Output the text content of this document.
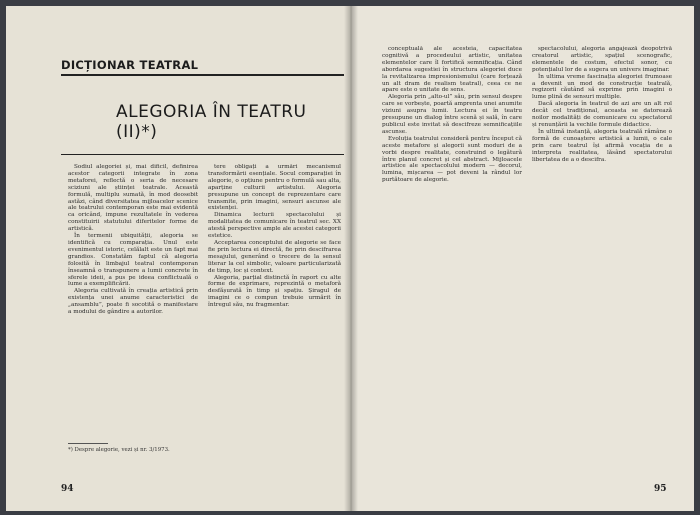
DICȚIONAR TEATRAL
ALEGORIA ÎN TEATRU (II)*)

Sodiul alegoriei și, mai dificil, definirea acestor categorii integrate în zona metaforei, reflectă o seria de necesare sciziuni ale științei teatrale. Această formulă, multiplu sumată, în mod deosebit astăzi, când diversitatea mijloacelor scenice ale teatrului contemporan este mai evidentă ca oricând, impune rezultatele în vederea constituirii statutului diferitelor forme de artistică.

În termenii ubiquității, alegoria se identifică cu comparația. Unul este evenimentul istoric, celălalt este un fapt mai grandios. Constatăm faptul că alegoria folosită în limbajul teatral contemporan înseamnă o transpunere a lumii concrete în sferele ideii, a pus pe ideea conflictuală o lume a exemplificării.

Alegoria cultivată în creația artistică prin existența unei anume caracteristici de „ansamblu”, poate fi socotită o manifestare a modului de gândire a autorilor.

tere obligați a urmări mecanismul transformării esențiale. Socul comparației în alegorie, o opțiune pentru o formulă sau alta, aparține culturii artistului. Alegoria presupune un concept de reprezentare care transmite, prin imagini, sensuri ascunse ale existenței.

Dinamica lecturii spectacolului și modalitatea de comunicare în teatrul sec. XX atestă perspective ample ale acestei categorii estetice.

Acceptarea conceptului de alegorie se face fie prin lectura ei directă, fie prin descifrarea mesajului, generând o trecere de la sensul literar la cel simbolic, valoare particularizată de timp, loc și context.

Alegoria, parțial distinctă în raport cu alte forme de exprimare, reprezintă o metaforă desfășurată în timp și spațiu. Șiragul de imagini ce o compun trebuie urmărit în întregul său, nu fragmentar.

*) Despre alegorie, vezi și nr. 3/1973.
94

conceptuală ale acesteia, capacitatea cognitivă a procedeului artistic, unitatea elementelor care îl fortifică semnificația. Când abordarea sugestiei în structura alegoriei duce la revitalizarea impresionismului (care forțează un alt dram de realism teatral), ceea ce ne apare este o unitate de sens.

Alegoria prin „alto-ul” său, prin sensul despre care se vorbește, poartă amprenta unei anumite viziuni asupra lumii. Lectura ei în teatru presupune un dialog între scenă și sală, în care publicul este invitat să descifreze semnificațiile ascunse.

Evoluția teatrului consideră pentru început că aceste metafore și alegorii sunt moduri de a vorbi despre realitate, construind o legătură între planul concret și cel abstract. Mijloacele artistice ale spectacolului modern — decorul, lumina, mișcarea — pot deveni la rândul lor purtătoare de alegorie.

spectacolului, alegoria angajează deopotrivă creatorul artistic, spațiul scenografic, elementele de costum, efectul sonor, cu potențialul lor de a sugera un univers imaginar.

În ultima vreme fascinația alegoriei frumoase a devenit un mod de construcție teatrală, regizorii căutând să exprime prin imagini o lume plină de sensuri multiple.

Dacă alegoria în teatrul de azi are un alt rol decât cel tradițional, aceasta se datorează noilor modalități de comunicare cu spectatorul și renunțării la vechile formule didactice.

În ultimă instanță, alegoria teatrală rămâne o formă de cunoaștere artistică a lumii, o cale prin care teatrul își afirmă vocația de a interpreta realitatea, lăsând spectatorului libertatea de a o descifra.

95
